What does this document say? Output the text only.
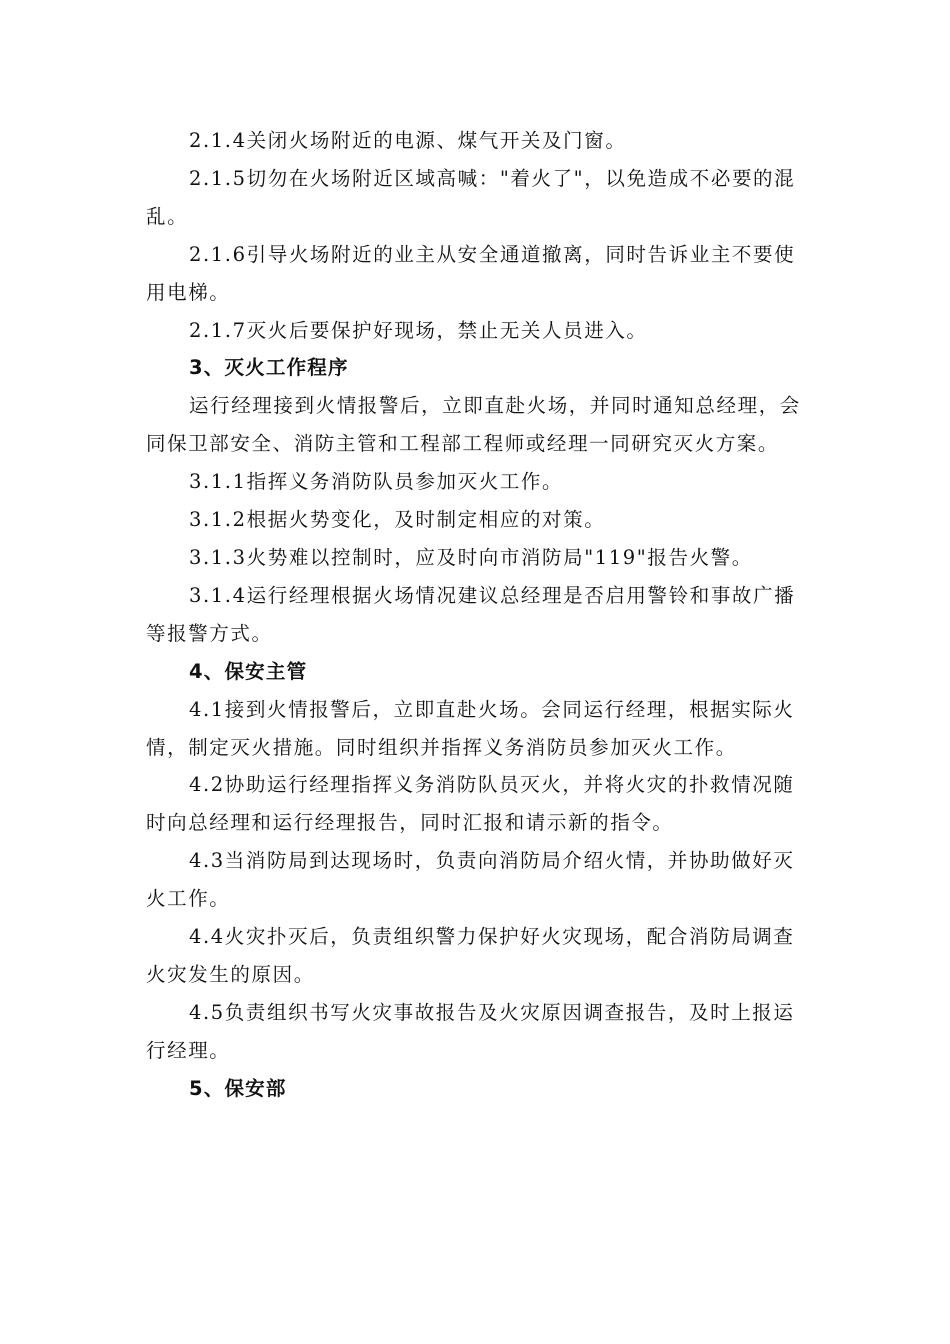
2.1.4关闭火场附近的电源、煤气开关及门窗。

2.1.5切勿在火场附近区域高喊："着火了"，以免造成不必要的混乱。

2.1.6引导火场附近的业主从安全通道撤离，同时告诉业主不要使用电梯。

2.1.7灭火后要保护好现场，禁止无关人员进入。

3、灭火工作程序

运行经理接到火情报警后，立即直赴火场，并同时通知总经理，会同保卫部安全、消防主管和工程部工程师或经理一同研究灭火方案。

3.1.1指挥义务消防队员参加灭火工作。

3.1.2根据火势变化，及时制定相应的对策。

3.1.3火势难以控制时，应及时向市消防局"119"报告火警。

3.1.4运行经理根据火场情况建议总经理是否启用警铃和事故广播等报警方式。

4、保安主管

4.1接到火情报警后，立即直赴火场。会同运行经理，根据实际火情，制定灭火措施。同时组织并指挥义务消防员参加灭火工作。

4.2协助运行经理指挥义务消防队员灭火，并将火灾的扑救情况随时向总经理和运行经理报告，同时汇报和请示新的指令。

4.3当消防局到达现场时，负责向消防局介绍火情，并协助做好灭火工作。

4.4火灾扑灭后，负责组织警力保护好火灾现场，配合消防局调查火灾发生的原因。

4.5负责组织书写火灾事故报告及火灾原因调查报告，及时上报运行经理。

5、保安部
